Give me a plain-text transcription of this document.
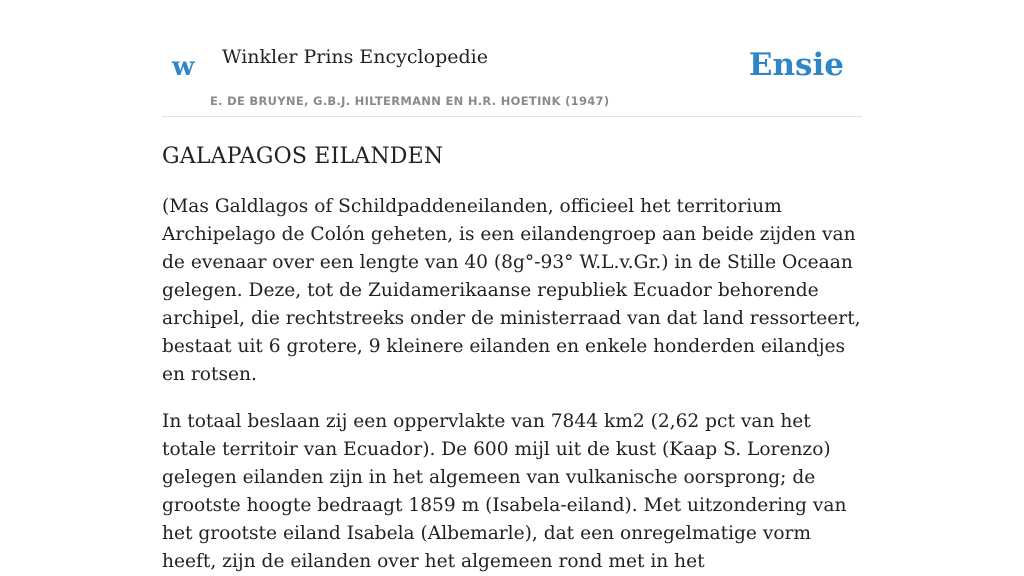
w Winkler Prins Encyclopedie
E. DE BRUYNE, G.B.J. HILTERMANN EN H.R. HOETINK (1947)
Ensie
GALAPAGOS EILANDEN

(Mas Galdlagos of Schildpaddeneilanden, officieel het territorium Archipelago de Colón geheten, is een eilandengroep aan beide zijden van de evenaar over een lengte van 40 (8g°-93° W.L.v.Gr.) in de Stille Oceaan gelegen. Deze, tot de Zuidamerikaanse republiek Ecuador behorende archipel, die rechtstreeks onder de ministerraad van dat land ressorteert, bestaat uit 6 grotere, 9 kleinere eilanden en enkele honderden eilandjes en rotsen.

In totaal beslaan zij een oppervlakte van 7844 km2 (2,62 pct van het totale territoir van Ecuador). De 600 mijl uit de kust (Kaap S. Lorenzo) gelegen eilanden zijn in het algemeen van vulkanische oorsprong; de grootste hoogte bedraagt 1859 m (Isabela-eiland). Met uitzondering van het grootste eiland Isabela (Albemarle), dat een onregelmatige vorm heeft, zijn de eilanden over het algemeen rond met in het
